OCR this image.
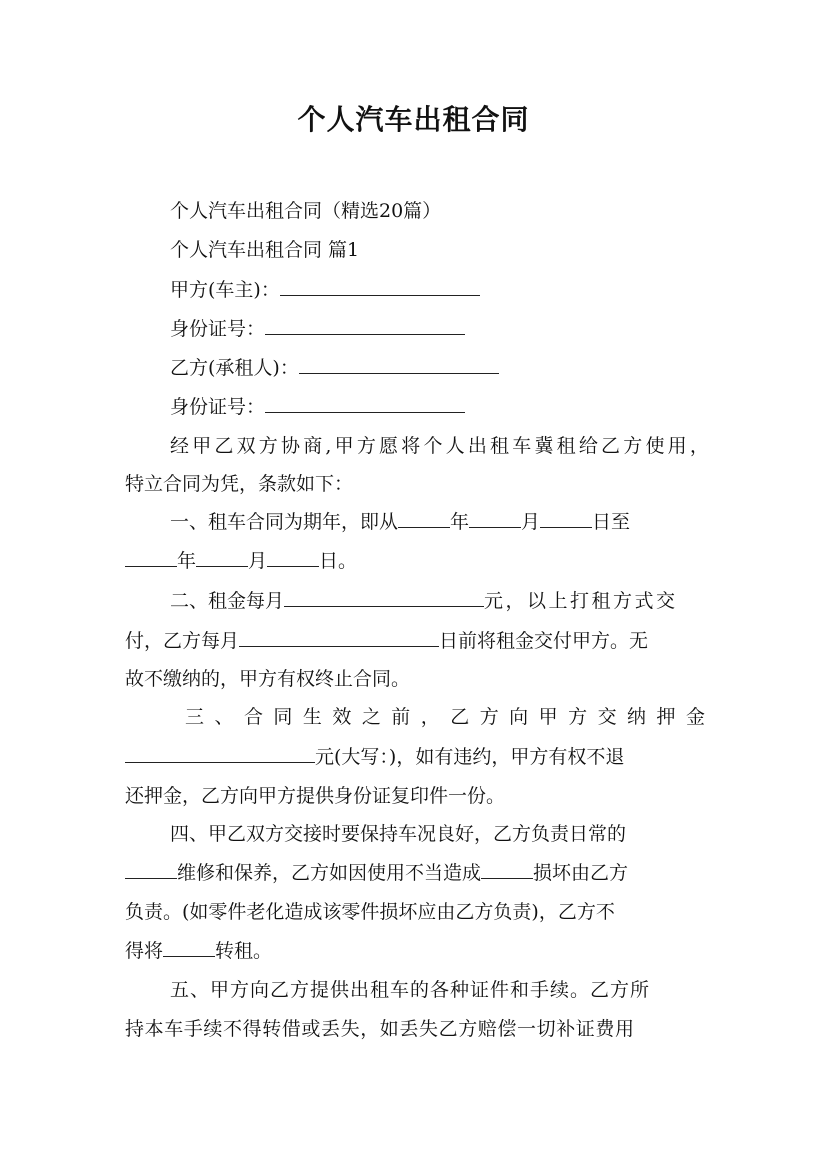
个人汽车出租合同

个人汽车出租合同（精选20篇）

个人汽车出租合同 篇1

甲方(车主)：

身份证号：

乙方(承租人)：

身份证号：

经甲乙双方协商,甲方愿将个人出租车冀租给乙方使用，

特立合同为凭，条款如下：

一、租车合同为期年，即从	年	月	日至

年	月	日。

二、租金每月	元，以上打租方式交

付，乙方每月	日前将租金交付甲方。无

故不缴纳的，甲方有权终止合同。

三 、 合 同 生 效 之 前 ， 乙 方 向 甲 方 交 纳 押 金

元(大写：)，如有违约，甲方有权不退

还押金，乙方向甲方提供身份证复印件一份。

四、甲乙双方交接时要保持车况良好，乙方负责日常的

维修和保养，乙方如因使用不当造成	损坏由乙方

负责。(如零件老化造成该零件损坏应由乙方负责)，乙方不

得将	转租。

五、甲方向乙方提供出租车的各种证件和手续。乙方所

持本车手续不得转借或丢失，如丢失乙方赔偿一切补证费用
